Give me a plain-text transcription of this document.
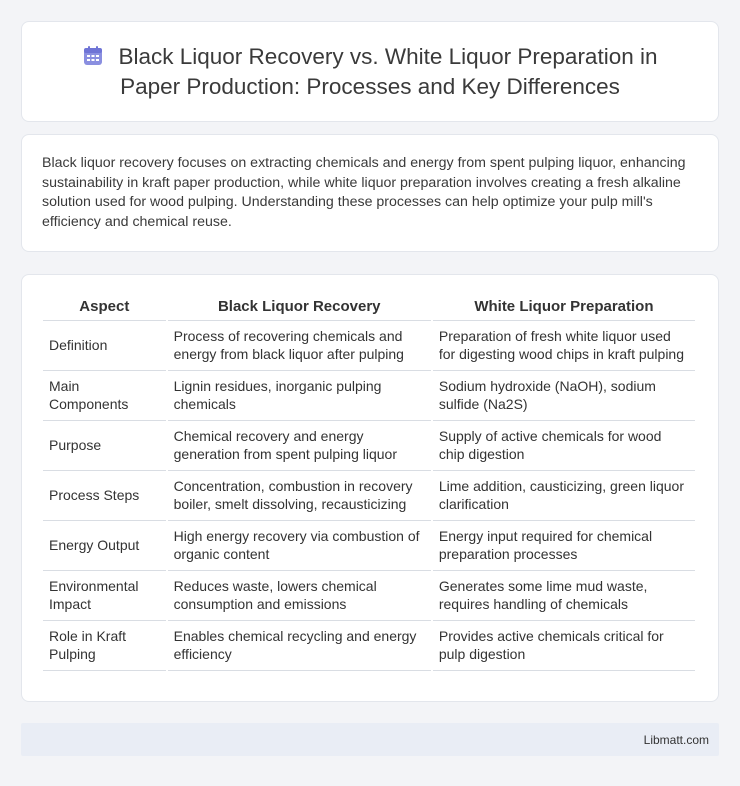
Black Liquor Recovery vs. White Liquor Preparation in Paper Production: Processes and Key Differences

Black liquor recovery focuses on extracting chemicals and energy from spent pulping liquor, enhancing sustainability in kraft paper production, while white liquor preparation involves creating a fresh alkaline solution used for wood pulping. Understanding these processes can help optimize your pulp mill's efficiency and chemical reuse.

Aspect	Black Liquor Recovery	White Liquor Preparation
Definition	Process of recovering chemicals and energy from black liquor after pulping	Preparation of fresh white liquor used for digesting wood chips in kraft pulping
Main Components	Lignin residues, inorganic pulping chemicals	Sodium hydroxide (NaOH), sodium sulfide (Na2S)
Purpose	Chemical recovery and energy generation from spent pulping liquor	Supply of active chemicals for wood chip digestion
Process Steps	Concentration, combustion in recovery boiler, smelt dissolving, recausticizing	Lime addition, causticizing, green liquor clarification
Energy Output	High energy recovery via combustion of organic content	Energy input required for chemical preparation processes
Environmental Impact	Reduces waste, lowers chemical consumption and emissions	Generates some lime mud waste, requires handling of chemicals
Role in Kraft Pulping	Enables chemical recycling and energy efficiency	Provides active chemicals critical for pulp digestion
Libmatt.com
